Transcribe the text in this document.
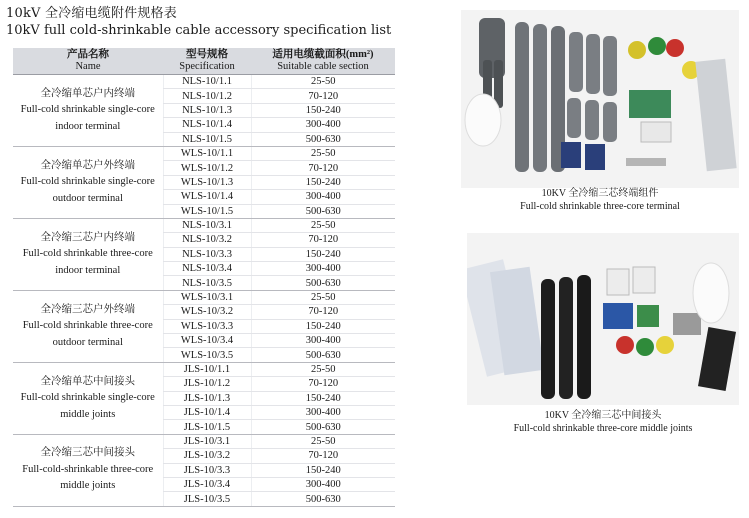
10kV 全冷缩电缆附件规格表
10kV full cold-shrinkable cable accessory specification list
产品名称
Name	型号规格
Specification	适用电缆截面积(mm²)
Suitable cable section

全冷缩单芯户内终端
Full-cold shrinkable single-core
indoor terminal	NLS-10/1.1	25-50
	NLS-10/1.2	70-120
	NLS-10/1.3	150-240
	NLS-10/1.4	300-400
	NLS-10/1.5	500-630

全冷缩单芯户外终端
Full-cold shrinkable single-core
outdoor terminal	WLS-10/1.1	25-50
	WLS-10/1.2	70-120
	WLS-10/1.3	150-240
	WLS-10/1.4	300-400
	WLS-10/1.5	500-630

全冷缩三芯户内终端
Full-cold shrinkable three-core
indoor terminal	NLS-10/3.1	25-50
	NLS-10/3.2	70-120
	NLS-10/3.3	150-240
	NLS-10/3.4	300-400
	NLS-10/3.5	500-630

全冷缩三芯户外终端
Full-cold shrinkable three-core
outdoor terminal	WLS-10/3.1	25-50
	WLS-10/3.2	70-120
	WLS-10/3.3	150-240
	WLS-10/3.4	300-400
	WLS-10/3.5	500-630

全冷缩单芯中间接头
Full-cold shrinkable single-core
middle joints	JLS-10/1.1	25-50
	JLS-10/1.2	70-120
	JLS-10/1.3	150-240
	JLS-10/1.4	300-400
	JLS-10/1.5	500-630

全冷缩三芯中间接头
Full-cold-shrinkable three-core
middle joints	JLS-10/3.1	25-50
	JLS-10/3.2	70-120
	JLS-10/3.3	150-240
	JLS-10/3.4	300-400
	JLS-10/3.5	500-630
10KV 全冷缩三芯终端组件
Full-cold shrinkable three-core terminal
10KV 全冷缩三芯中间接头
Full-cold shrinkable three-core middle joints
